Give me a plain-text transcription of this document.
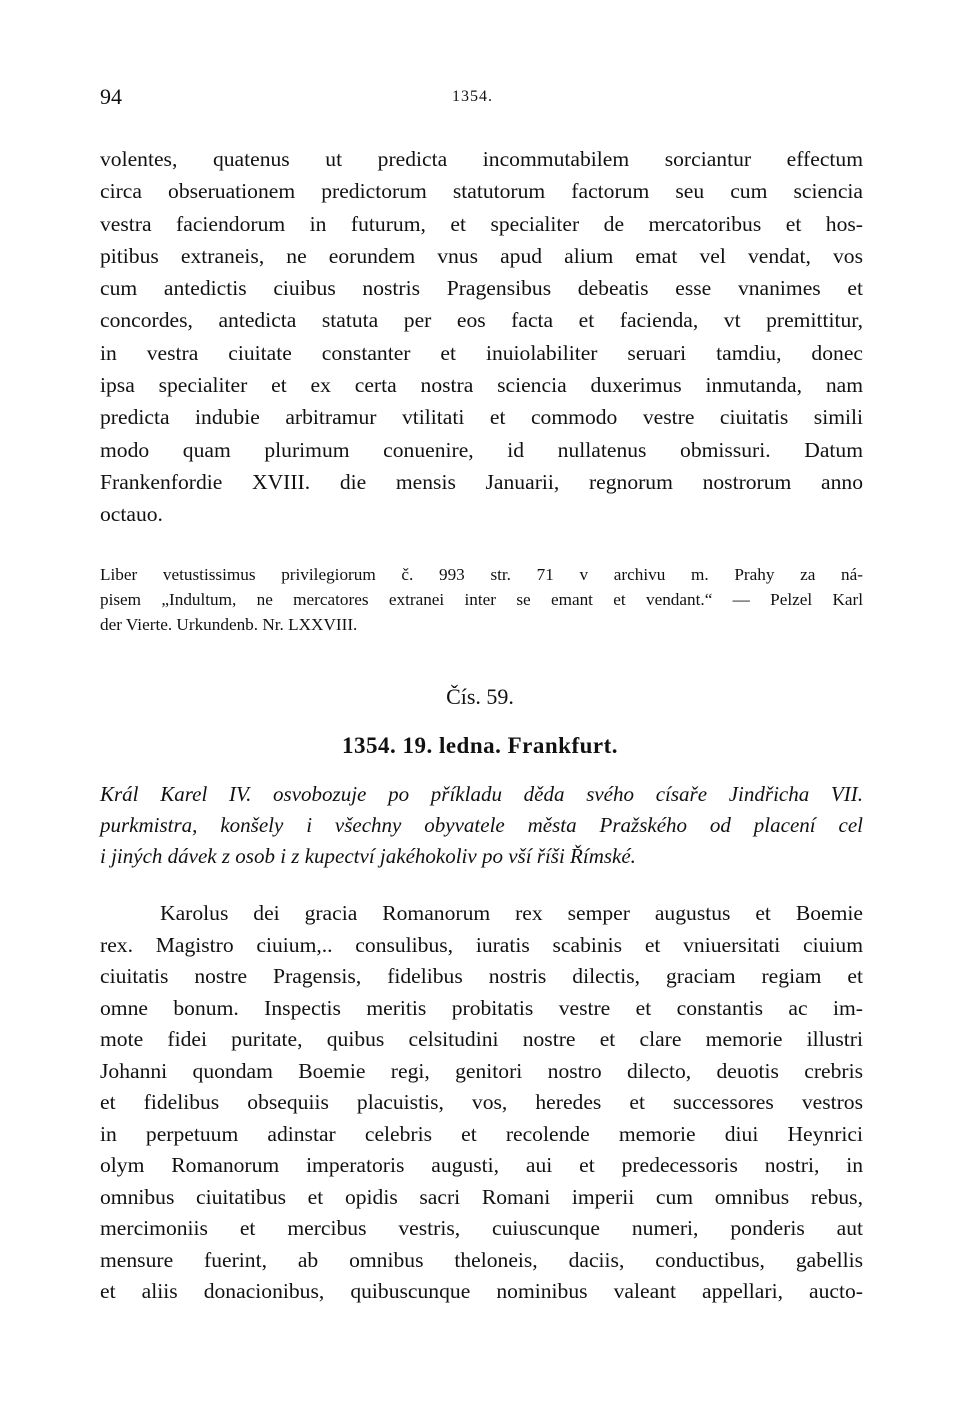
94	1354.
volentes, quatenus ut predicta incommutabilem sorciantur effectum
circa obseruationem predictorum statutorum factorum seu cum sciencia
vestra faciendorum in futurum, et specialiter de mercatoribus et hos-
pitibus extraneis, ne eorundem vnus apud alium emat vel vendat, vos
cum antedictis ciuibus nostris Pragensibus debeatis esse vnanimes et
concordes, antedicta statuta per eos facta et facienda, vt premittitur,
in vestra ciuitate constanter et inuiolabiliter seruari tamdiu, donec
ipsa specialiter et ex certa nostra sciencia duxerimus inmutanda, nam
predicta indubie arbitramur vtilitati et commodo vestre ciuitatis simili
modo quam plurimum conuenire, id nullatenus obmissuri. Datum
Frankenfordie XVIII. die mensis Januarii, regnorum nostrorum anno
octauo.
Liber vetustissimus privilegiorum č. 993 str. 71 v archivu m. Prahy za ná-
pisem „Indultum, ne mercatores extranei inter se emant et vendant.“ — Pelzel Karl
der Vierte. Urkundenb. Nr. LXXVIII.
Čís. 59.
1354. 19. ledna. Frankfurt.
Král Karel IV. osvobozuje po příkladu děda svého císaře Jindřicha VII.
purkmistra, konšely i všechny obyvatele města Pražského od placení cel
i jiných dávek z osob i z kupectví jakéhokoliv po vší říši Římské.
Karolus dei gracia Romanorum rex semper augustus et Boemie
rex. Magistro ciuium,.. consulibus, iuratis scabinis et vniuersitati ciuium
ciuitatis nostre Pragensis, fidelibus nostris dilectis, graciam regiam et
omne bonum. Inspectis meritis probitatis vestre et constantis ac im-
mote fidei puritate, quibus celsitudini nostre et clare memorie illustri
Johanni quondam Boemie regi, genitori nostro dilecto, deuotis crebris
et fidelibus obsequiis placuistis, vos, heredes et successores vestros
in perpetuum adinstar celebris et recolende memorie diui Heynrici
olym Romanorum imperatoris augusti, aui et predecessoris nostri, in
omnibus ciuitatibus et opidis sacri Romani imperii cum omnibus rebus,
mercimoniis et mercibus vestris, cuiuscunque numeri, ponderis aut
mensure fuerint, ab omnibus theloneis, daciis, conductibus, gabellis
et aliis donacionibus, quibuscunque nominibus valeant appellari, aucto-
